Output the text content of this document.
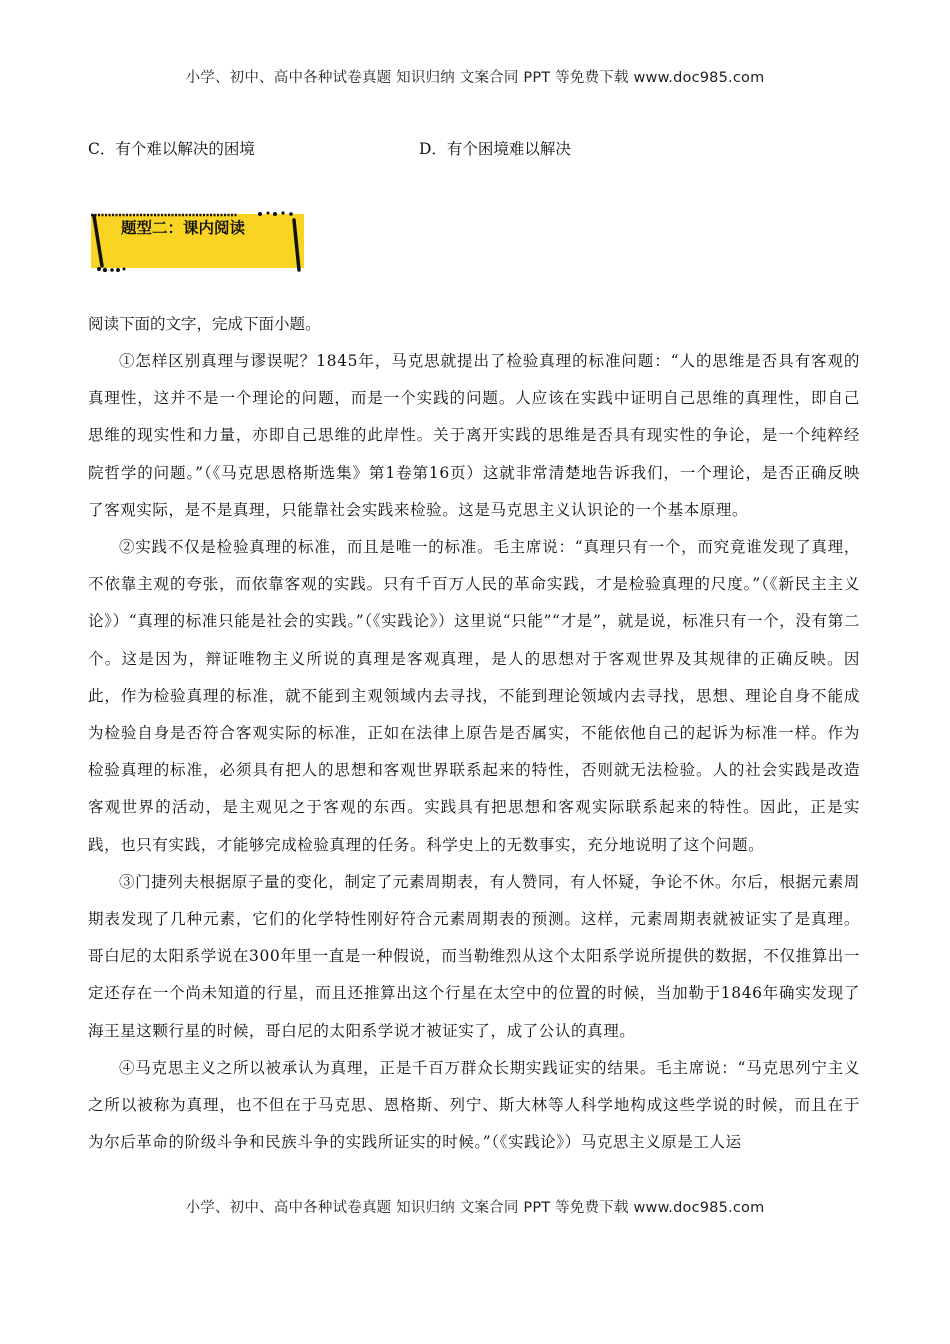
小学、初中、高中各种试卷真题 知识归纳 文案合同 PPT 等免费下载 www.doc985.com
C．有个难以解决的困境	D．有个困境难以解决
题型二：课内阅读
阅读下面的文字，完成下面小题。

①怎样区别真理与谬误呢？1845年，马克思就提出了检验真理的标准问题：“人的思维是否具有客观的真理性，这并不是一个理论的问题，而是一个实践的问题。人应该在实践中证明自己思维的真理性，即自己思维的现实性和力量，亦即自己思维的此岸性。关于离开实践的思维是否具有现实性的争论，是一个纯粹经院哲学的问题。”（《马克思恩格斯选集》第1卷第16页）这就非常清楚地告诉我们，一个理论，是否正确反映了客观实际，是不是真理，只能靠社会实践来检验。这是马克思主义认识论的一个基本原理。

②实践不仅是检验真理的标准，而且是唯一的标准。毛主席说：“真理只有一个，而究竟谁发现了真理，不依靠主观的夸张，而依靠客观的实践。只有千百万人民的革命实践，才是检验真理的尺度。”（《新民主主义论》）“真理的标准只能是社会的实践。”（《实践论》）这里说“只能”“才是”，就是说，标准只有一个，没有第二个。这是因为，辩证唯物主义所说的真理是客观真理，是人的思想对于客观世界及其规律的正确反映。因此，作为检验真理的标准，就不能到主观领域内去寻找，不能到理论领域内去寻找，思想、理论自身不能成为检验自身是否符合客观实际的标准，正如在法律上原告是否属实，不能依他自己的起诉为标准一样。作为检验真理的标准，必须具有把人的思想和客观世界联系起来的特性，否则就无法检验。人的社会实践是改造客观世界的活动，是主观见之于客观的东西。实践具有把思想和客观实际联系起来的特性。因此，正是实践，也只有实践，才能够完成检验真理的任务。科学史上的无数事实，充分地说明了这个问题。

③门捷列夫根据原子量的变化，制定了元素周期表，有人赞同，有人怀疑，争论不休。尔后，根据元素周期表发现了几种元素，它们的化学特性刚好符合元素周期表的预测。这样，元素周期表就被证实了是真理。哥白尼的太阳系学说在300年里一直是一种假说，而当勒维烈从这个太阳系学说所提供的数据，不仅推算出一定还存在一个尚未知道的行星，而且还推算出这个行星在太空中的位置的时候，当加勒于1846年确实发现了海王星这颗行星的时候，哥白尼的太阳系学说才被证实了，成了公认的真理。

④马克思主义之所以被承认为真理，正是千百万群众长期实践证实的结果。毛主席说：“马克思列宁主义之所以被称为真理，也不但在于马克思、恩格斯、列宁、斯大林等人科学地构成这些学说的时候，而且在于为尔后革命的阶级斗争和民族斗争的实践所证实的时候。”（《实践论》）马克思主义原是工人运

小学、初中、高中各种试卷真题 知识归纳 文案合同 PPT 等免费下载 www.doc985.com
